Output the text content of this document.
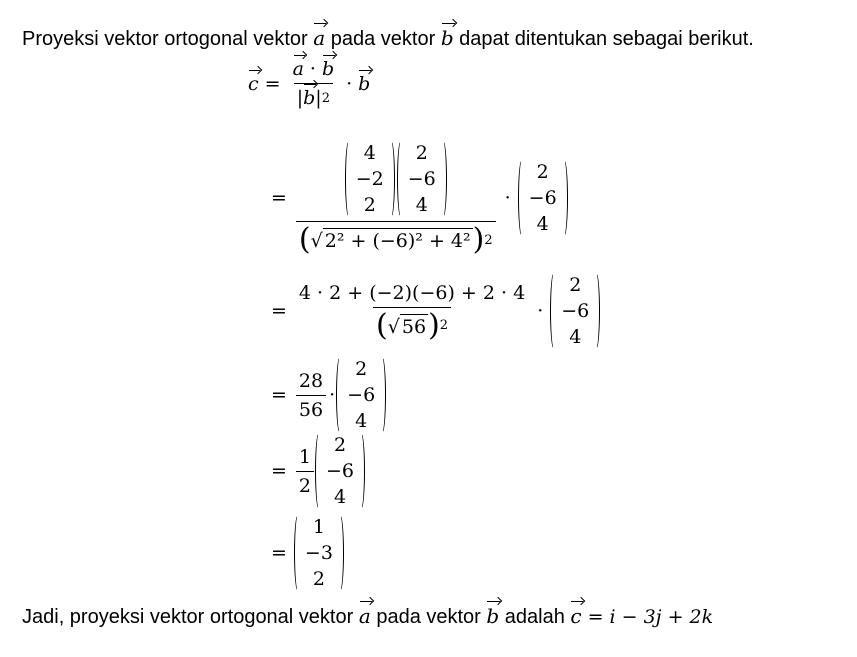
Proyeksi vektor ortogonal vektor a pada vektor b dapat ditentukan sebagai berikut.
$c = \frac{a \cdot b}{| b | 2} \cdot b$
= 4
−2
2
2
−6
4
( √ 2² + (−6)² + 4² ) 2 ·
2
−6
4
= $\frac{4 \cdot 2 + (-2)(-6) + 2 \cdot 4}{( √ 56 ) 2}$ ·
2
−6
4
= $\frac{28}{56}$ ·
2
−6
4
= $\frac{1}{2}$
2
−6
4
=
1
−3
2
Jadi, proyeksi vektor ortogonal vektor a pada vektor b adalah c = i − 3j + 2k
